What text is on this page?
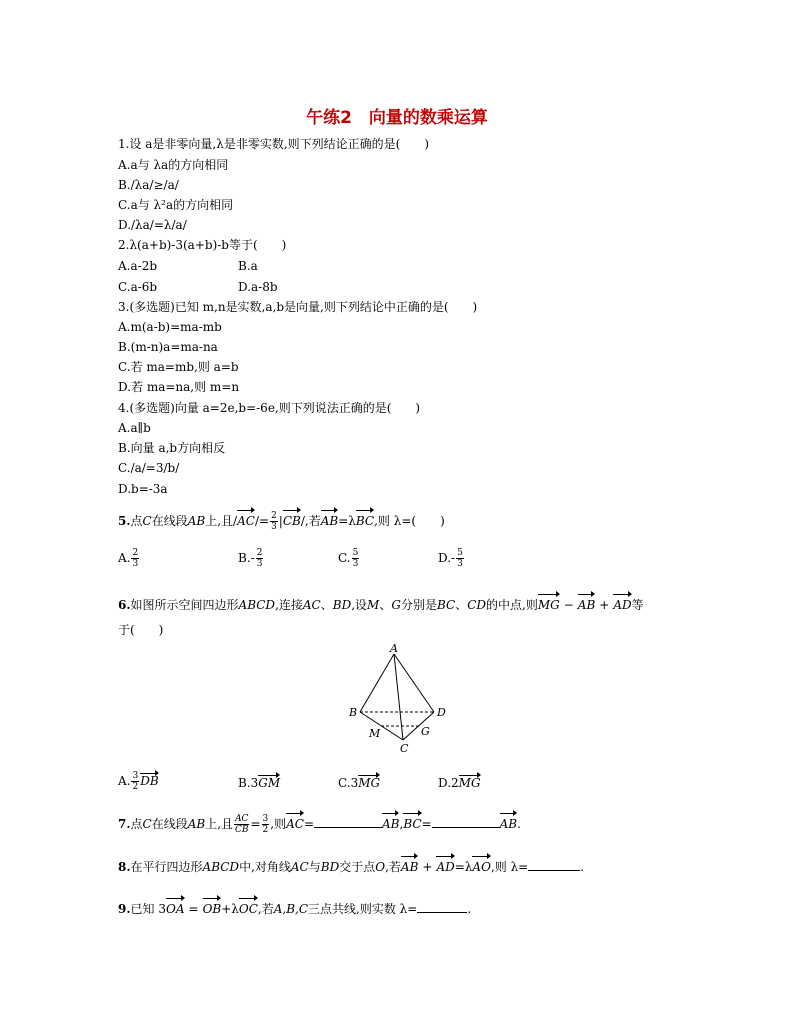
午练2　向量的数乘运算
1.设 a是非零向量,λ是非零实数,则下列结论正确的是(　　)
A.a与 λa的方向相同
B./λa/≥/a/
C.a与 λ²a的方向相同
D./λa/=λ/a/
2.λ(a+b)-3(a+b)-b等于(　　)
A.a-2b	B.a
C.a-6b	D.a-8b
3.(多选题)已知 m,n是实数,a,b是向量,则下列结论中正确的是(　　)
A.m(a-b)=ma-mb
B.(m-n)a=ma-na
C.若 ma=mb,则 a=b
D.若 ma=na,则 m=n
4.(多选题)向量 a=2e,b=-6e,则下列说法正确的是(　　)
A.a∥b
B.向量 a,b方向相反
C./a/=3/b/
D.b=-3a
5.点C在线段AB上,且$/AC/= \frac{2}{3} |CB/$,若AB=λBC,则 λ=(　　)
A. $\frac{2}{3}$	$B.- \frac{2}{3}$	C. $\frac{5}{3}$	$D.- \frac{5}{3}$
6.如图所示空间四边形ABCD,连接AC、BD,设M、G分别是BC、CD的中点,则MG − AB + AD等
于(　　)
A
B	D
C
M	G
A. $\frac{3}{2}$ DB	B.3GM	C.3MG	D.2MG
7.点C在线段AB上,且 $\frac{AC}{CB} = \frac{3}{2}$ ,则AC=	AB,BC=	AB.
8.在平行四边形ABCD中,对角线AC与BD交于点O,若AB + AD=λAO,则 λ=	.
9.已知 3OA = OB+λOC,若A,B,C三点共线,则实数 λ=	.
